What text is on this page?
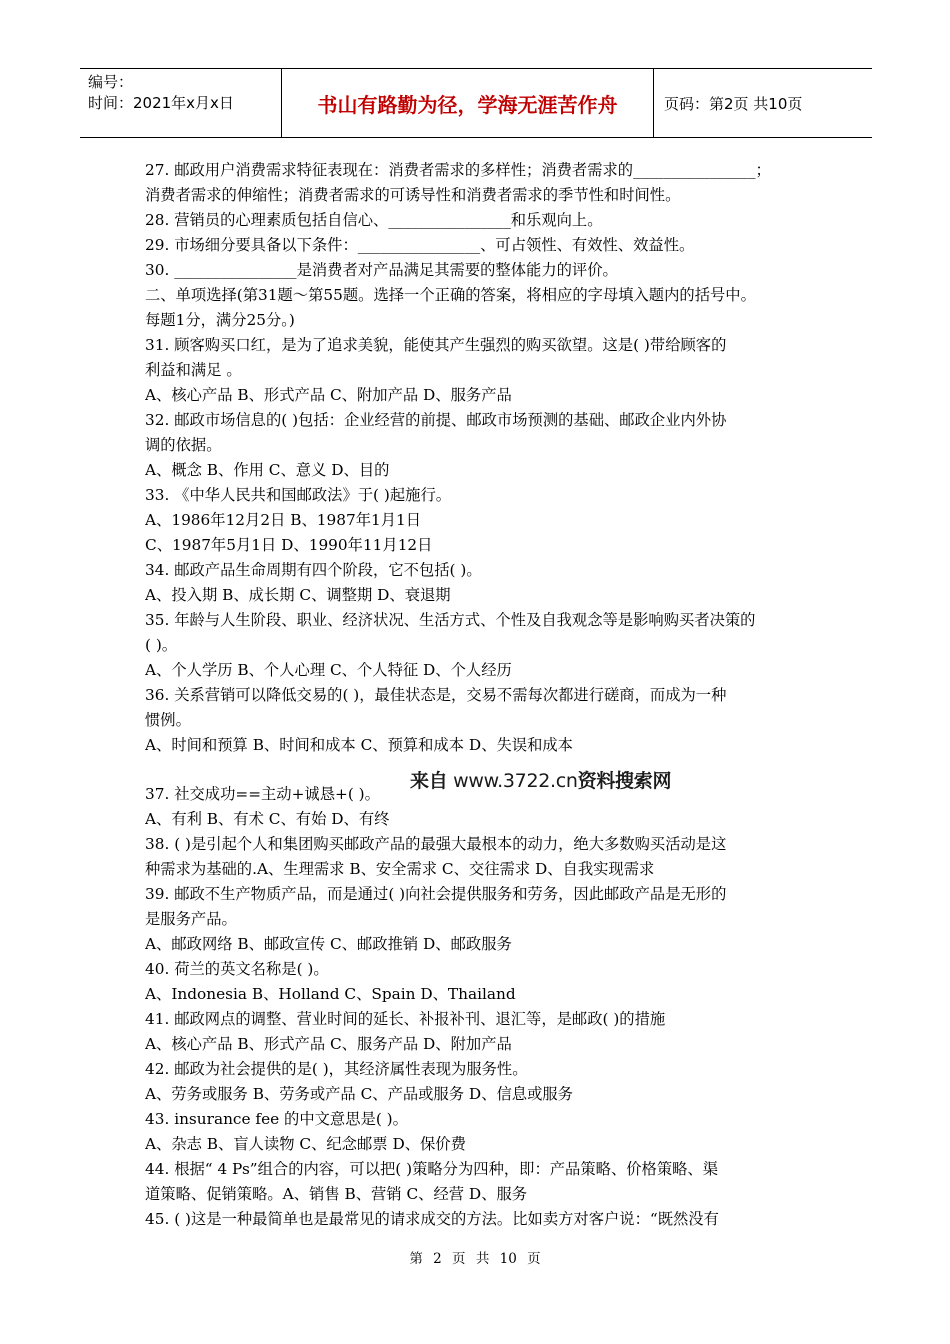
编号：
时间：2021年x月x日	书山有路勤为径，学海无涯苦作舟	页码：第2页 共10页
27. 邮政用户消费需求特征表现在：消费者需求的多样性；消费者需求的________________；
消费者需求的伸缩性；消费者需求的可诱导性和消费者需求的季节性和时间性。
28. 营销员的心理素质包括自信心、________________和乐观向上。
29. 市场细分要具备以下条件：________________、可占领性、有效性、效益性。
30. ________________是消费者对产品满足其需要的整体能力的评价。
二、单项选择(第31题～第55题。选择一个正确的答案，将相应的字母填入题内的括号中。
每题1分，满分25分。)
31. 顾客购买口红，是为了追求美貌，能使其产生强烈的购买欲望。这是( )带给顾客的
利益和满足 。
A、核心产品 B、形式产品 C、附加产品 D、服务产品
32. 邮政市场信息的( )包括：企业经营的前提、邮政市场预测的基础、邮政企业内外协
调的依据。
A、概念 B、作用 C、意义 D、目的
33. 《中华人民共和国邮政法》于( )起施行。
A、1986年12月2日 B、1987年1月1日
C、1987年5月1日 D、1990年11月12日
34. 邮政产品生命周期有四个阶段，它不包括( )。
A、投入期 B、成长期 C、调整期 D、衰退期
35. 年龄与人生阶段、职业、经济状况、生活方式、个性及自我观念等是影响购买者决策的
( )。
A、个人学历 B、个人心理 C、个人特征 D、个人经历
36. 关系营销可以降低交易的( )，最佳状态是，交易不需每次都进行磋商，而成为一种
惯例。
A、时间和预算 B、时间和成本 C、预算和成本 D、失误和成本
37. 社交成功==主动+诚恳+( )。
A、有利 B、有术 C、有始 D、有终
38. ( )是引起个人和集团购买邮政产品的最强大最根本的动力，绝大多数购买活动是这
种需求为基础的.A、生理需求 B、安全需求 C、交往需求 D、自我实现需求
39. 邮政不生产物质产品，而是通过( )向社会提供服务和劳务，因此邮政产品是无形的
是服务产品。
A、邮政网络 B、邮政宣传 C、邮政推销 D、邮政服务
40. 荷兰的英文名称是( )。
A、Indonesia B、Holland C、Spain D、Thailand
41. 邮政网点的调整、营业时间的延长、补报补刊、退汇等，是邮政( )的措施
A、核心产品 B、形式产品 C、服务产品 D、附加产品
42. 邮政为社会提供的是( )，其经济属性表现为服务性。
A、劳务或服务 B、劳务或产品 C、产品或服务 D、信息或服务
43. insurance fee 的中文意思是( )。
A、杂志 B、盲人读物 C、纪念邮票 D、保价费
44. 根据“ 4 Ps”组合的内容，可以把( )策略分为四种，即：产品策略、价格策略、渠
道策略、促销策略。A、销售 B、营销 C、经营 D、服务
45. ( )这是一种最简单也是最常见的请求成交的方法。比如卖方对客户说：“既然没有
来自 www.3722.cn资料搜索网
第 2 页 共 10 页
